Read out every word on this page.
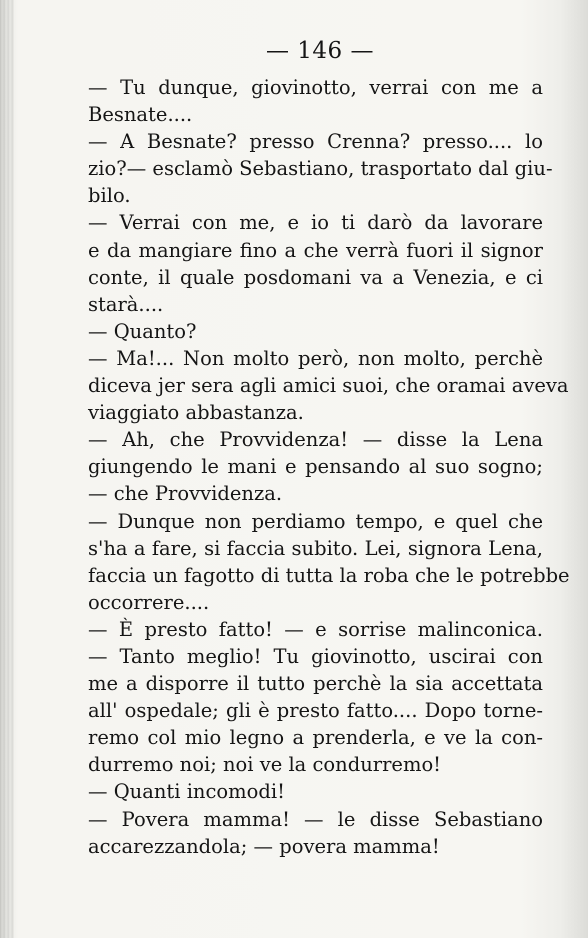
— 146 —
— Tu dunque, giovinotto, verrai con me a
Besnate....
— A Besnate? presso Crenna? presso.... lo
zio?— esclamò Sebastiano, trasportato dal giu-
bilo.
— Verrai con me, e io ti darò da lavorare
e da mangiare fino a che verrà fuori il signor
conte, il quale posdomani va a Venezia, e ci
starà....
— Quanto?
— Ma!... Non molto però, non molto, perchè
diceva jer sera agli amici suoi, che oramai aveva
viaggiato abbastanza.
— Ah, che Provvidenza! — disse la Lena
giungendo le mani e pensando al suo sogno;
— che Provvidenza.
— Dunque non perdiamo tempo, e quel che
s'ha a fare, si faccia subito. Lei, signora Lena,
faccia un fagotto di tutta la roba che le potrebbe
occorrere....
— È presto fatto! — e sorrise malinconica.
— Tanto meglio! Tu giovinotto, uscirai con
me a disporre il tutto perchè la sia accettata
all' ospedale; gli è presto fatto.... Dopo torne-
remo col mio legno a prenderla, e ve la con-
durremo noi; noi ve la condurremo!
— Quanti incomodi!
— Povera mamma! — le disse Sebastiano
accarezzandola; — povera mamma!
